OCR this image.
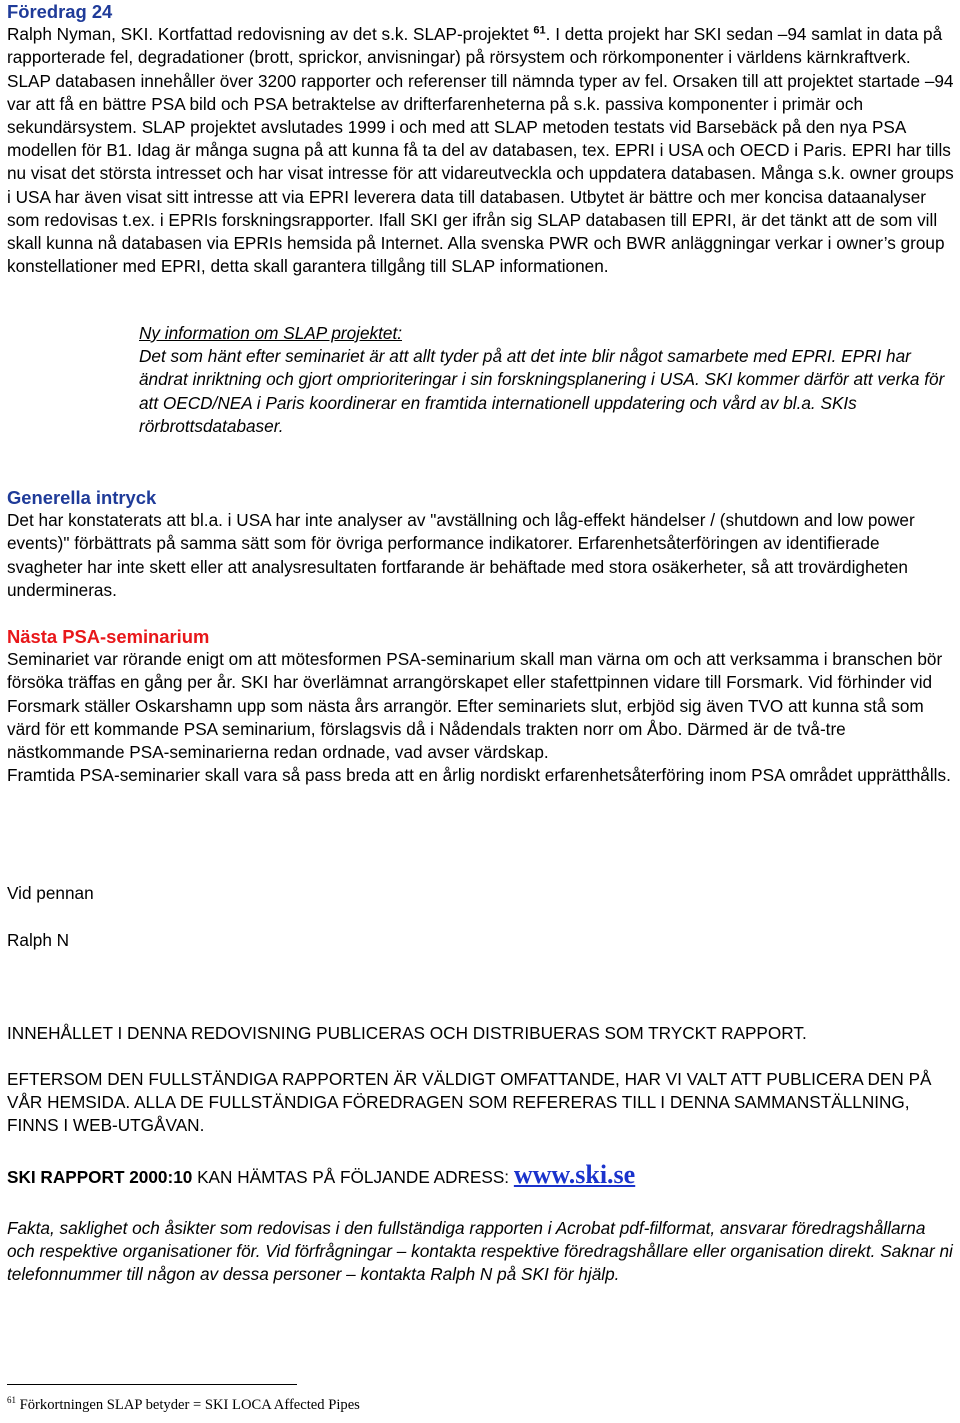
Föredrag 24

Ralph Nyman, SKI. Kortfattad redovisning av det s.k. SLAP-projektet $^{61}$. I detta projekt har SKI sedan –94 samlat in data på rapporterade fel, degradationer (brott, sprickor, anvisningar) på rörsystem och rörkomponenter i världens kärnkraftverk. SLAP databasen innehåller över 3200 rapporter och referenser till nämnda typer av fel. Orsaken till att projektet startade –94 var att få en bättre PSA bild och PSA betraktelse av drifterfarenheterna på s.k. passiva komponenter i primär och sekundärsystem. SLAP projektet avslutades 1999 i och med att SLAP metoden testats vid Barsebäck på den nya PSA modellen för B1. Idag är många sugna på att kunna få ta del av databasen, tex. EPRI i USA och OECD i Paris. EPRI har tills nu visat det största intresset och har visat intresse för att vidareutveckla och uppdatera databasen. Många s.k. owner groups i USA har även visat sitt intresse att via EPRI leverera data till databasen. Utbytet är bättre och mer koncisa dataanalyser som redovisas t.ex. i EPRIs forskningsrapporter. Ifall SKI ger ifrån sig SLAP databasen till EPRI, är det tänkt att de som vill skall kunna nå databasen via EPRIs hemsida på Internet. Alla svenska PWR och BWR anläggningar verkar i owner’s group konstellationer med EPRI, detta skall garantera tillgång till SLAP informationen.

Ny information om SLAP projektet:
Det som hänt efter seminariet är att allt tyder på att det inte blir något samarbete med EPRI. EPRI har ändrat inriktning och gjort omprioriteringar i sin forskningsplanering i USA. SKI kommer därför att verka för att OECD/NEA i Paris koordinerar en framtida internationell uppdatering och vård av bl.a. SKIs rörbrottsdatabaser.
Generella intryck
Det har konstaterats att bl.a. i USA har inte analyser av "avställning och låg-effekt händelser / (shutdown and low power events)" förbättrats på samma sätt som för övriga performance indikatorer. Erfarenhetsåterföringen av identifierade svagheter har inte skett eller att analysresultaten fortfarande är behäftade med stora osäkerheter, så att trovärdigheten undermineras.
Nästa PSA-seminarium
Seminariet var rörande enigt om att mötesformen PSA-seminarium skall man värna om och att verksamma i branschen bör försöka träffas en gång per år. SKI har överlämnat arrangörskapet eller stafettpinnen vidare till Forsmark. Vid förhinder vid Forsmark ställer Oskarshamn upp som nästa års arrangör. Efter seminariets slut, erbjöd sig även TVO att kunna stå som värd för ett kommande PSA seminarium, förslagsvis då i Nådendals trakten norr om Åbo. Därmed är de två-tre nästkommande PSA-seminarierna redan ordnade, vad avser värdskap.
Framtida PSA-seminarier skall vara så pass breda att en årlig nordiskt erfarenhetsåterföring inom PSA området upprätthålls.
Vid pennan
Ralph N
INNEHÅLLET I DENNA REDOVISNING PUBLICERAS OCH DISTRIBUERAS SOM TRYCKT RAPPORT.
EFTERSOM DEN FULLSTÄNDIGA RAPPORTEN ÄR VÄLDIGT OMFATTANDE, HAR VI VALT ATT PUBLICERA DEN PÅ VÅR HEMSIDA. ALLA DE FULLSTÄNDIGA FÖREDRAGEN SOM REFERERAS TILL I DENNA SAMMANSTÄLLNING, FINNS I WEB-UTGÅVAN.
SKI RAPPORT 2000:10 KAN HÄMTAS PÅ FÖLJANDE ADRESS: www.ski.se
Fakta, saklighet och åsikter som redovisas i den fullständiga rapporten i Acrobat pdf-filformat, ansvarar föredragshållarna och respektive organisationer för. Vid förfrågningar – kontakta respektive föredragshållare eller organisation direkt. Saknar ni telefonnummer till någon av dessa personer – kontakta Ralph N på SKI för hjälp.
$^{61}$ Förkortningen SLAP betyder = SKI LOCA Affected Pipes
